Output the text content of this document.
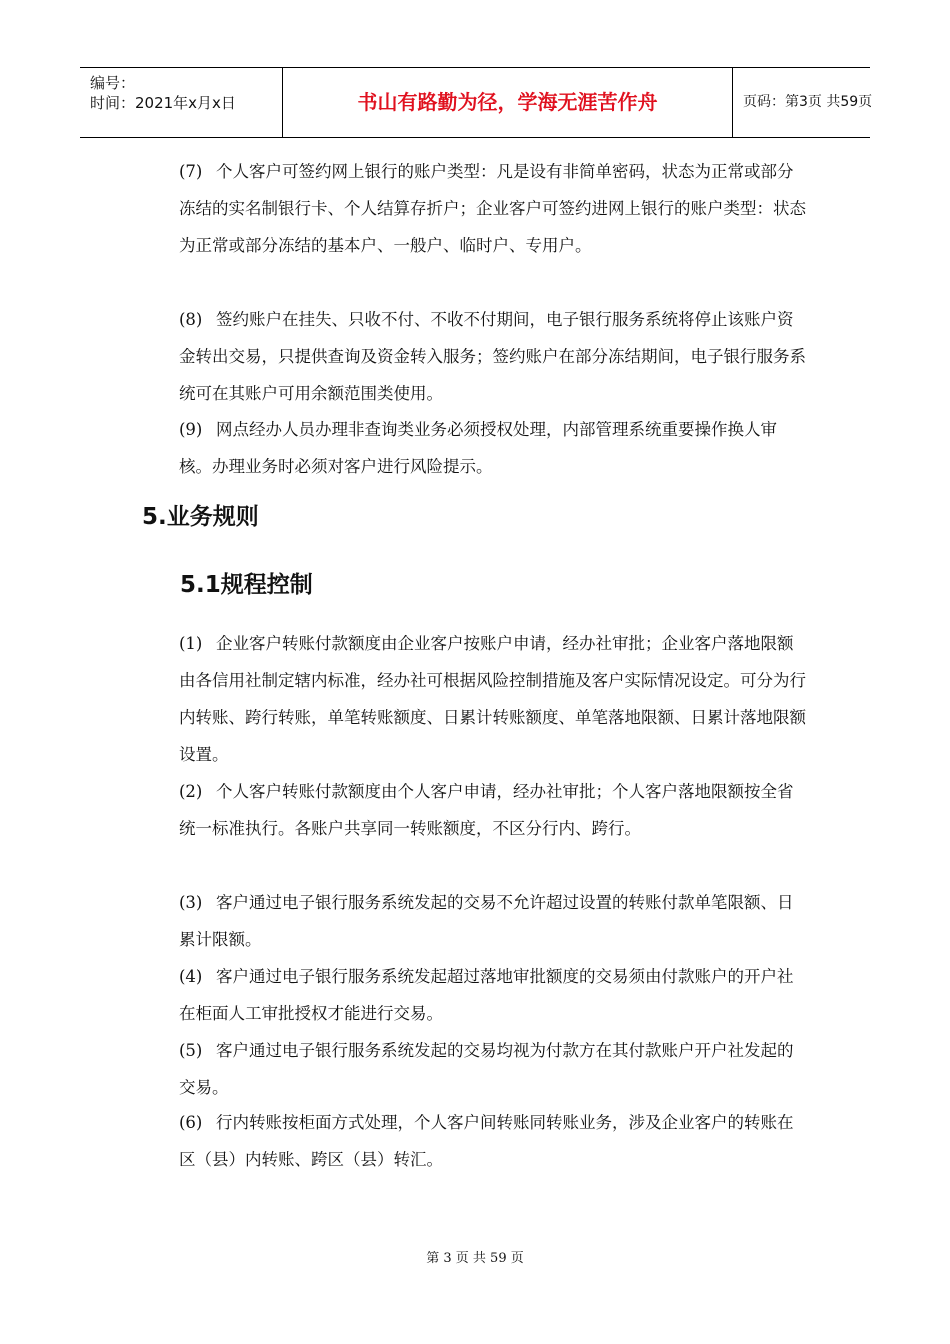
编号：
时间：2021年x月x日	书山有路勤为径，学海无涯苦作舟	页码：第3页 共59页
(7) 个人客户可签约网上银行的账户类型：凡是设有非简单密码，状态为正常或部分冻结的实名制银行卡、个人结算存折户；企业客户可签约进网上银行的账户类型：状态为正常或部分冻结的基本户、一般户、临时户、专用户。
(8) 签约账户在挂失、只收不付、不收不付期间，电子银行服务系统将停止该账户资金转出交易，只提供查询及资金转入服务；签约账户在部分冻结期间，电子银行服务系统可在其账户可用余额范围类使用。
(9) 网点经办人员办理非查询类业务必须授权处理，内部管理系统重要操作换人审核。办理业务时必须对客户进行风险提示。
5.业务规则
5.1规程控制
(1) 企业客户转账付款额度由企业客户按账户申请，经办社审批；企业客户落地限额由各信用社制定辖内标准，经办社可根据风险控制措施及客户实际情况设定。可分为行内转账、跨行转账，单笔转账额度、日累计转账额度、单笔落地限额、日累计落地限额设置。
(2) 个人客户转账付款额度由个人客户申请，经办社审批；个人客户落地限额按全省统一标准执行。各账户共享同一转账额度，不区分行内、跨行。
(3) 客户通过电子银行服务系统发起的交易不允许超过设置的转账付款单笔限额、日累计限额。
(4) 客户通过电子银行服务系统发起超过落地审批额度的交易须由付款账户的开户社在柜面人工审批授权才能进行交易。
(5) 客户通过电子银行服务系统发起的交易均视为付款方在其付款账户开户社发起的交易。
(6) 行内转账按柜面方式处理，个人客户间转账同转账业务，涉及企业客户的转账在区（县）内转账、跨区（县）转汇。
第 3 页 共 59 页
